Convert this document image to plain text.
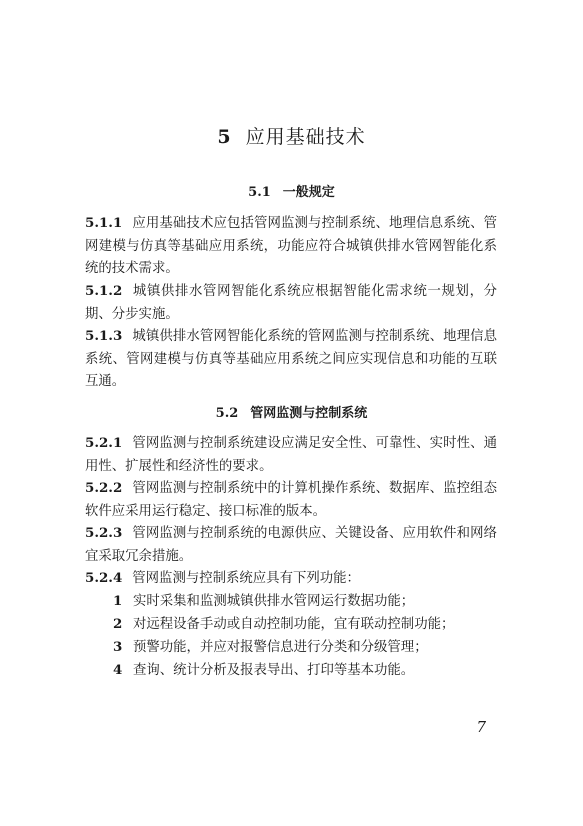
5 应用基础技术
5.1 一般规定
5.1.1 应用基础技术应包括管网监测与控制系统、地理信息系统、管网建模与仿真等基础应用系统，功能应符合城镇供排水管网智能化系统的技术需求。
5.1.2 城镇供排水管网智能化系统应根据智能化需求统一规划，分期、分步实施。
5.1.3 城镇供排水管网智能化系统的管网监测与控制系统、地理信息系统、管网建模与仿真等基础应用系统之间应实现信息和功能的互联互通。
5.2 管网监测与控制系统
5.2.1 管网监测与控制系统建设应满足安全性、可靠性、实时性、通用性、扩展性和经济性的要求。
5.2.2 管网监测与控制系统中的计算机操作系统、数据库、监控组态软件应采用运行稳定、接口标准的版本。
5.2.3 管网监测与控制系统的电源供应、关键设备、应用软件和网络宜采取冗余措施。
5.2.4 管网监测与控制系统应具有下列功能：
1 实时采集和监测城镇供排水管网运行数据功能；
2 对远程设备手动或自动控制功能，宜有联动控制功能；
3 预警功能，并应对报警信息进行分类和分级管理；
4 查询、统计分析及报表导出、打印等基本功能。
7
